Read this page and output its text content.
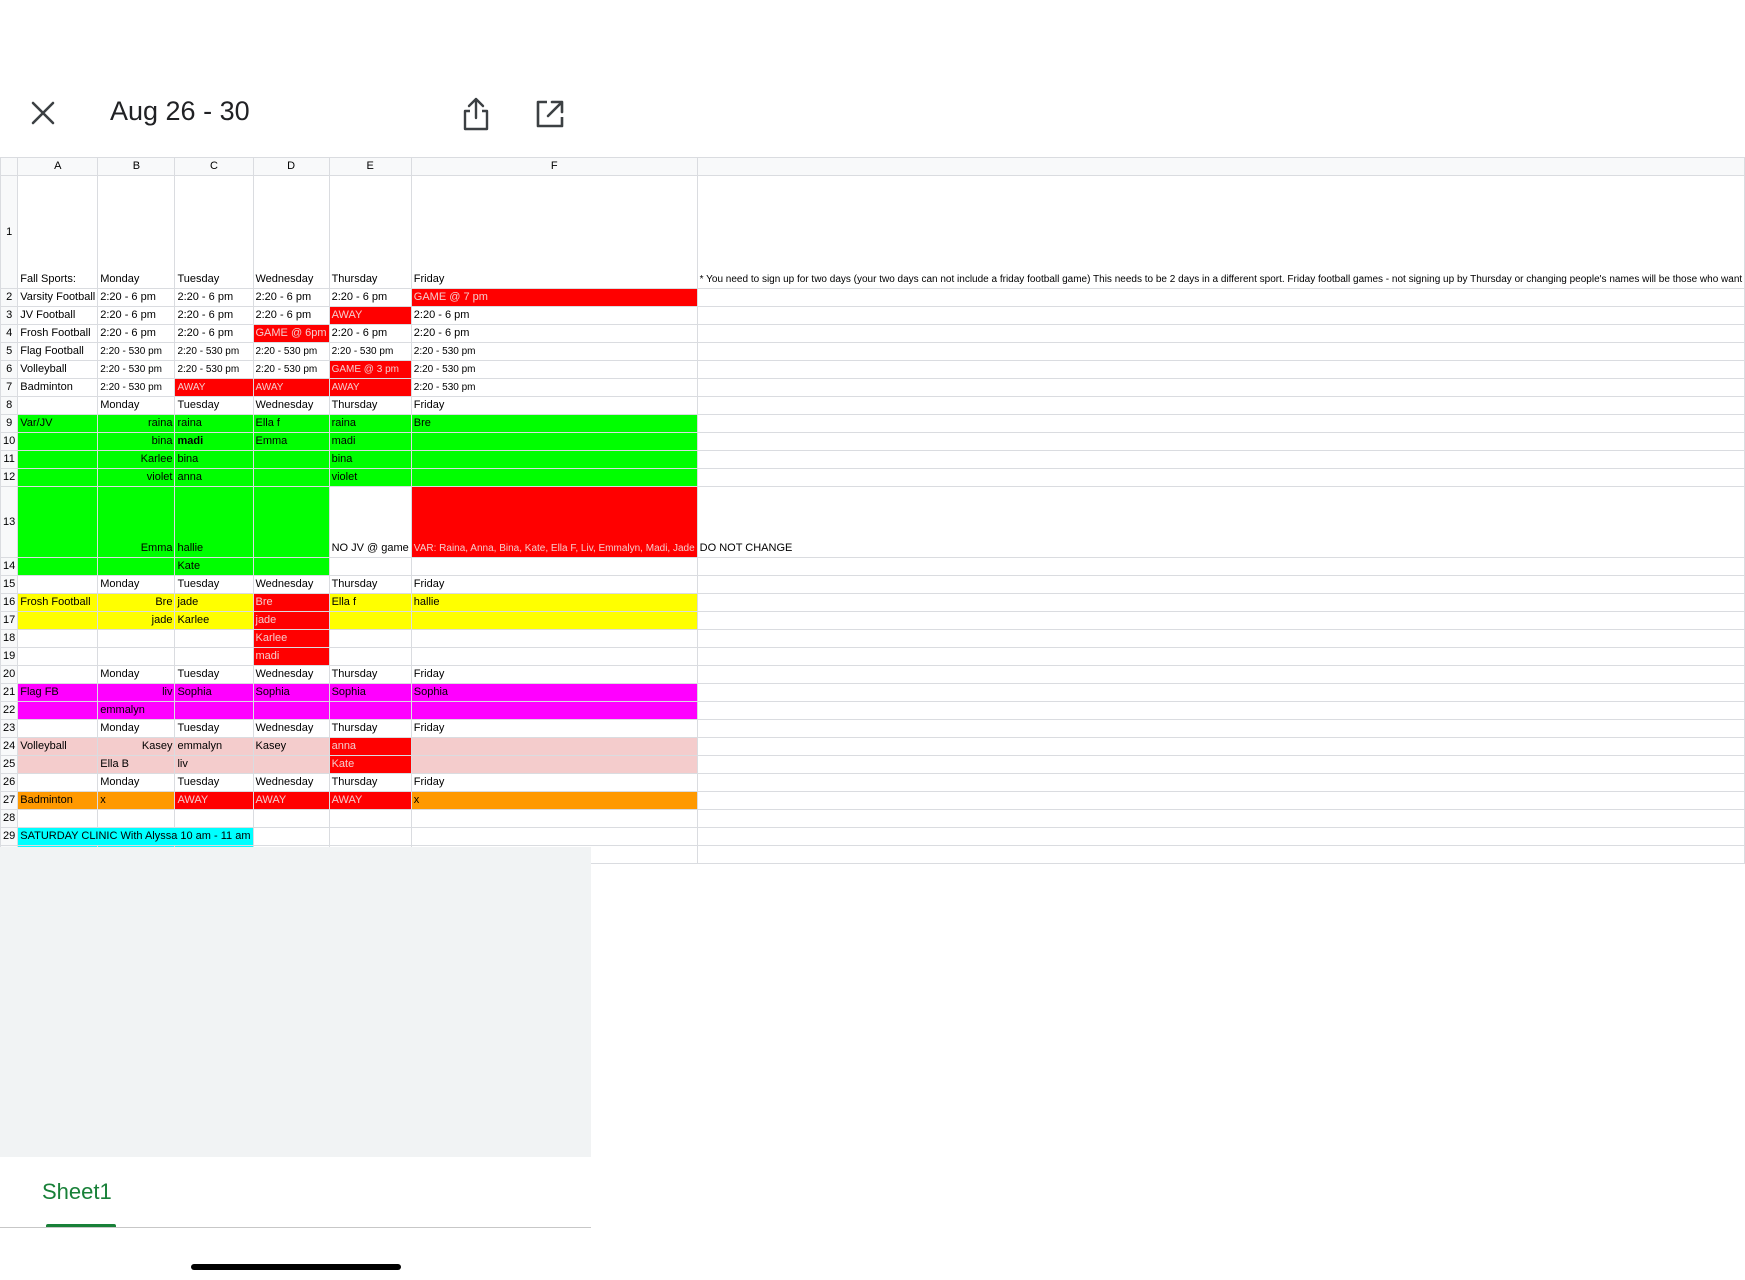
Aug 26 - 30
	A	B	C	D	E	F	
1	Fall Sports:	Monday	Tuesday	Wednesday	Thursday	Friday	* You need to sign up for two days (your two days can not include a friday football game) This needs to be 2 days in a different sport. Friday football games - not signing up by Thursday or changing people's names will be those who want
2	Varsity Football	2:20 - 6 pm	2:20 - 6 pm	2:20 - 6 pm	2:20 - 6 pm	GAME @ 7 pm	
3	JV Football	2:20 - 6 pm	2:20 - 6 pm	2:20 - 6 pm	AWAY	2:20 - 6 pm	
4	Frosh Football	2:20 - 6 pm	2:20 - 6 pm	GAME @ 6pm	2:20 - 6 pm	2:20 - 6 pm	
5	Flag Football	2:20 - 530 pm	2:20 - 530 pm	2:20 - 530 pm	2:20 - 530 pm	2:20 - 530 pm	
6	Volleyball	2:20 - 530 pm	2:20 - 530 pm	2:20 - 530 pm	GAME @ 3 pm	2:20 - 530 pm	
7	Badminton	2:20 - 530 pm	AWAY	AWAY	AWAY	2:20 - 530 pm	
8		Monday	Tuesday	Wednesday	Thursday	Friday	
9	Var/JV	raina	raina	Ella f	raina	Bre	
10		bina	madi	Emma	madi		
11		Karlee	bina		bina		
12		violet	anna		violet		
13		Emma	hallie		NO JV @ game	VAR: Raina, Anna, Bina, Kate, Ella F, Liv, Emmalyn, Madi, Jade	DO NOT CHANGE
14			Kate				
15		Monday	Tuesday	Wednesday	Thursday	Friday	
16	Frosh Football	Bre	jade	Bre	Ella f	hallie	
17		jade	Karlee	jade			
18				Karlee			
19				madi			
20		Monday	Tuesday	Wednesday	Thursday	Friday	
21	Flag FB	liv	Sophia	Sophia	Sophia	Sophia	
22		emmalyn					
23		Monday	Tuesday	Wednesday	Thursday	Friday	
24	Volleyball	Kasey	emmalyn	Kasey	anna		
25		Ella B	liv		Kate		
26		Monday	Tuesday	Wednesday	Thursday	Friday	
27	Badminton	x	AWAY	AWAY	AWAY	x	
28							
29	SATURDAY CLINIC With Alyssa 10 am - 11 am						

Sheet1
